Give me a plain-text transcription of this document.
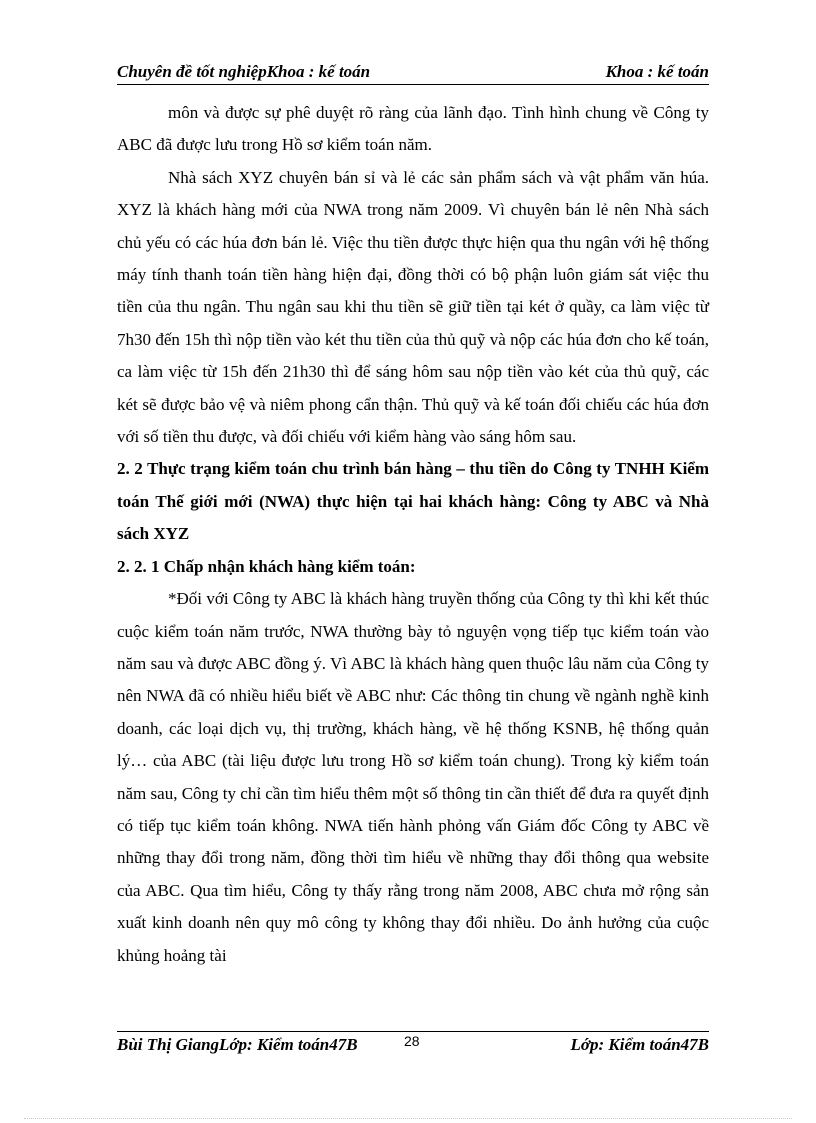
Chuyên đề tốt nghiệpKhoa : kế toán	Khoa : kế toán

môn và được sự phê duyệt rõ ràng của lãnh đạo. Tình hình chung về Công ty ABC đã được lưu trong Hồ sơ kiểm toán năm.

Nhà sách XYZ chuyên bán sỉ và lẻ các sản phẩm sách và vật phẩm văn húa. XYZ là khách hàng mới của NWA trong năm 2009. Vì chuyên bán lẻ nên Nhà sách chủ yếu có các húa đơn bán lẻ. Việc thu tiền được thực hiện qua thu ngân với hệ thống máy tính thanh toán tiền hàng hiện đại, đồng thời có bộ phận luôn giám sát việc thu tiền của thu ngân. Thu ngân sau khi thu tiền sẽ giữ tiền tại két ở quầy, ca làm việc từ 7h30 đến 15h thì nộp tiền vào két thu tiền của thủ quỹ và nộp các húa đơn cho kế toán, ca làm việc từ 15h đến 21h30 thì để sáng hôm sau nộp tiền vào két của thủ quỹ, các két sẽ được bảo vệ và niêm phong cẩn thận. Thủ quỹ và kế toán đối chiếu các húa đơn với số tiền thu được, và đối chiếu với kiểm hàng vào sáng hôm sau.

2. 2 Thực trạng kiểm toán chu trình bán hàng – thu tiền do Công ty TNHH Kiểm toán Thế giới mới (NWA) thực hiện tại hai khách hàng: Công ty ABC và Nhà sách XYZ

2. 2. 1 Chấp nhận khách hàng kiểm toán:

*Đối với Công ty ABC là khách hàng truyền thống của Công ty thì khi kết thúc cuộc kiểm toán năm trước, NWA thường bày tỏ nguyện vọng tiếp tục kiểm toán vào năm sau và được ABC đồng ý. Vì ABC là khách hàng quen thuộc lâu năm của Công ty nên NWA đã có nhiều hiểu biết về ABC như: Các thông tin chung về ngành nghề kinh doanh, các loại dịch vụ, thị trường, khách hàng, về hệ thống KSNB, hệ thống quản lý… của ABC (tài liệu được lưu trong Hồ sơ kiểm toán chung). Trong kỳ kiểm toán năm sau, Công ty chỉ cần tìm hiểu thêm một số thông tin cần thiết để đưa ra quyết định có tiếp tục kiểm toán không. NWA tiến hành phỏng vấn Giám đốc Công ty ABC về những thay đổi trong năm, đồng thời tìm hiểu về những thay đổi thông qua website của ABC. Qua tìm hiểu, Công ty thấy rằng trong năm 2008, ABC chưa mở rộng sản xuất kinh doanh nên quy mô công ty không thay đổi nhiều. Do ảnh hưởng của cuộc khủng hoảng tài

Bùi Thị GiangLớp: Kiểm toán47B	28	Lớp: Kiểm toán47B
